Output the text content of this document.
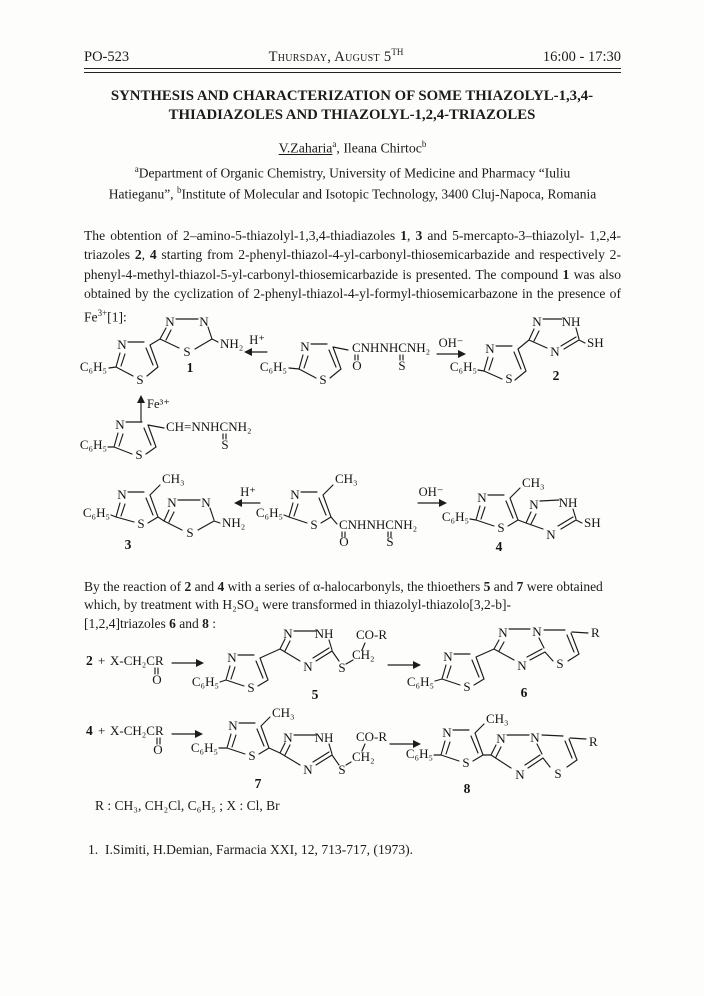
PO-523	Thursday, August 5TH	16:00 - 17:30
SYNTHESIS AND CHARACTERIZATION OF SOME THIAZOLYL-1,3,4-
THIADIAZOLES AND THIAZOLYL-1,2,4-TRIAZOLES
V.Zaharia$^a$, Ileana Chirtoc$^b$
$^a$Department of Organic Chemistry, University of Medicine and Pharmacy “Iuliu
Hatieganu”, $^b$Institute of Molecular and Isotopic Technology, 3400 Cluj-Napoca, Romania

The obtention of 2–amino-5-thiazolyl-1,3,4-thiadiazoles 1, 3 and 5-mercapto-3–thiazolyl- 1,2,4-triazoles 2, 4 starting from 2-phenyl-thiazol-4-yl-carbonyl-thiosemicarbazide and respectively 2-phenyl-4-methyl-thiazol-5-yl-carbonyl-thiosemicarbazide is presented. The compound 1 was also obtained by the cyclization of 2-phenyl-thiazol-4-yl-formyl-thiosemicarbazone in the presence of $Fe^{3+}[1]$:

By the reaction of 2 and 4 with a series of α-halocarbonyls, the thioethers 5 and 7 were obtained
which, by treatment with H₂SO₄ were transformed in thiazolyl-thiazolo[3,2-b]-
[1,2,4]triazoles 6 and 8 :

C₆H₅
N
S
N N
S
NH₂
1
H⁺
C₆H₅
N
S
CNHNHCNH₂
O	S
OH⁻
C₆H₅
N
S
N NH
N
SH
2
Fe³⁺
C₆H₅
N
S
CH=NNHCNH₂
S
C₆H₅
N
S
CH₃
N N
S
NH₂
3
H⁺
C₆H₅
N
S
CH₃
CNHNHCNH₂
O	S
OH⁻
C₆H₅
N
S
CH₃
N NH
N
SH
4
2 + X-CH₂CR
O C₆H₅
N
S
N NH
N S
CH₂
CO-R
5
C₆H₅
N
S
N N
N S
R
6
4 + X-CH₂CR
O C₆H₅
N
S
CH₃
N NH
N S
CH₂
CO-R
7
C₆H₅
N
S
CH₃
N N
N S
R
8
R : CH₃, CH₂Cl, C₆H₅ ; X : Cl, Br
1. I.Simiti, H.Demian, Farmacia XXI, 12, 713-717, (1973).
